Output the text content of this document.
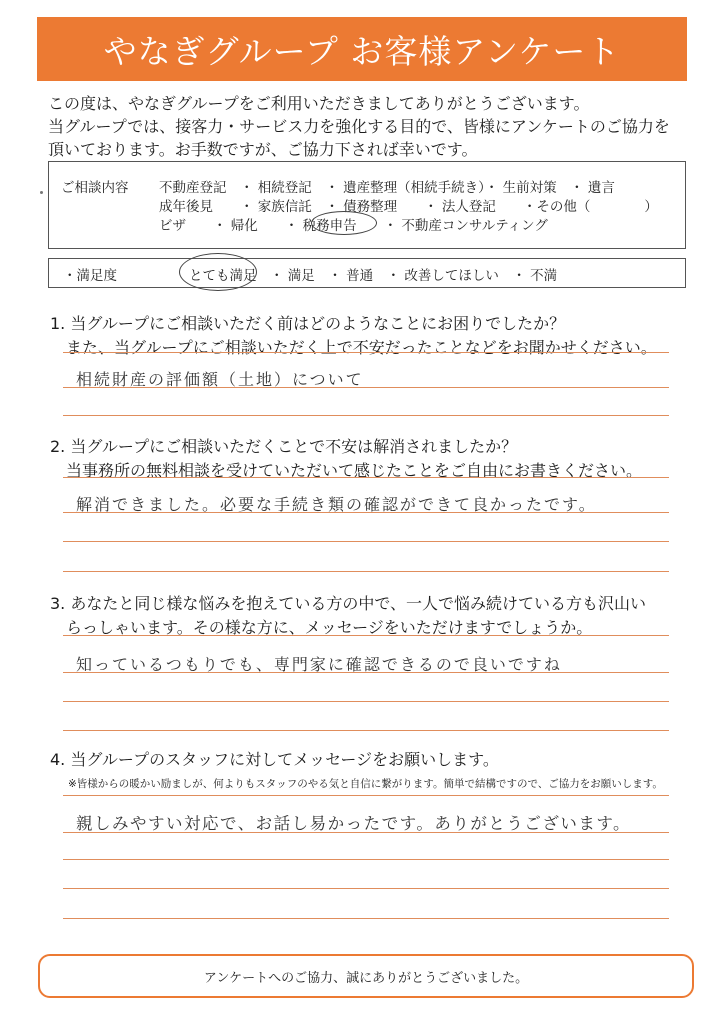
やなぎグループ お客様アンケート
この度は、やなぎグループをご利用いただきましてありがとうございます。
当グループでは、接客力・サービス力を強化する目的で、皆様にアンケートのご協力を
頂いております。お手数ですが、ご協力下されば幸いです。
ご相談内容 不動産登記　・ 相続登記　・ 遺産整理（相続手続き）・ 生前対策　・ 遺言
成年後見　　・ 家族信託　・ 債務整理　　・ 法人登記　　・その他（　　　　）
ビザ　　・ 帰化　　・ 税務申告　　・ 不動産コンサルティング
・満足度	とても満足　・ 満足　・ 普通　・ 改善してほしい　・ 不満
1. 当グループにご相談いただく前はどのようなことにお困りでしたか？
また、当グループにご相談いただく上で不安だったことなどをお聞かせください。
相続財産の評価額（土地）について
2. 当グループにご相談いただくことで不安は解消されましたか？
当事務所の無料相談を受けていただいて感じたことをご自由にお書きください。
解消できました。必要な手続き類の確認ができて良かったです。
3. あなたと同じ様な悩みを抱えている方の中で、一人で悩み続けている方も沢山い
らっしゃいます。その様な方に、メッセージをいただけますでしょうか。
知っているつもりでも、専門家に確認できるので良いですね
4. 当グループのスタッフに対してメッセージをお願いします。
※皆様からの暖かい励ましが、何よりもスタッフのやる気と自信に繋がります。簡単で結構ですので、ご協力をお願いします。
親しみやすい対応で、お話し易かったです。ありがとうございます。
アンケートへのご協力、誠にありがとうございました。
